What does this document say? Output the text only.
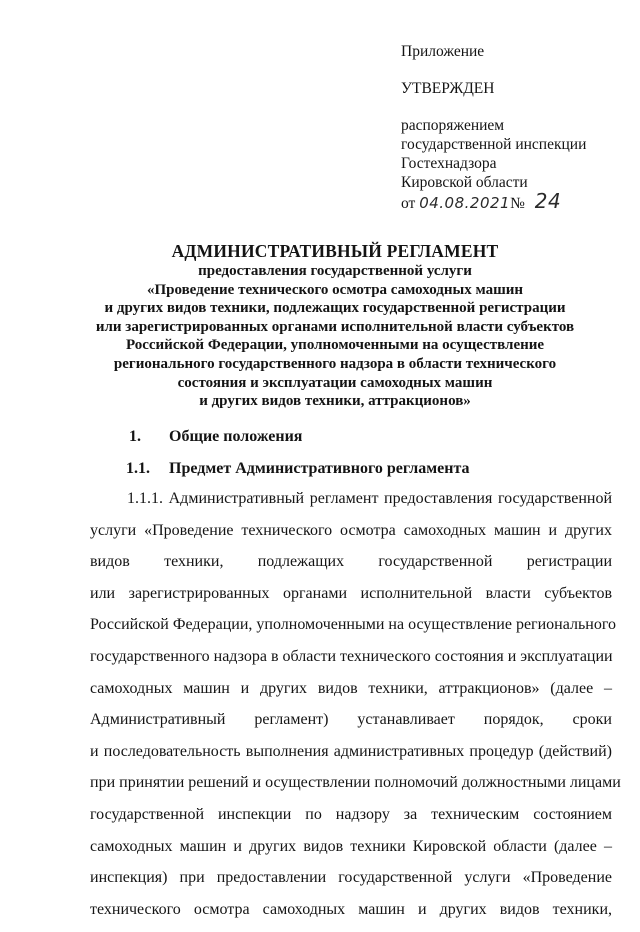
Приложение
УТВЕРЖДЕН
распоряжением
государственной инспекции
Гостехнадзора
Кировской области
от 04.08.2021№ 24
АДМИНИСТРАТИВНЫЙ РЕГЛАМЕНТ
предоставления государственной услуги
«Проведение технического осмотра самоходных машин
и других видов техники, подлежащих государственной регистрации
или зарегистрированных органами исполнительной власти субъектов
Российской Федерации, уполномоченными на осуществление
регионального государственного надзора в области технического
состояния и эксплуатации самоходных машин
и других видов техники, аттракционов»
1. Общие положения
1.1. Предмет Административного регламента
1.1.1. Административный регламент предоставления государственной
услуги «Проведение технического осмотра самоходных машин и других
видов техники, подлежащих государственной регистрации
или зарегистрированных органами исполнительной власти субъектов
Российской Федерации, уполномоченными на осуществление регионального
государственного надзора в области технического состояния и эксплуатации
самоходных машин и других видов техники, аттракционов» (далее –
Административный регламент) устанавливает порядок, сроки
и последовательность выполнения административных процедур (действий)
при принятии решений и осуществлении полномочий должностными лицами
государственной инспекции по надзору за техническим состоянием
самоходных машин и других видов техники Кировской области (далее –
инспекция) при предоставлении государственной услуги «Проведение
технического осмотра самоходных машин и других видов техники,
